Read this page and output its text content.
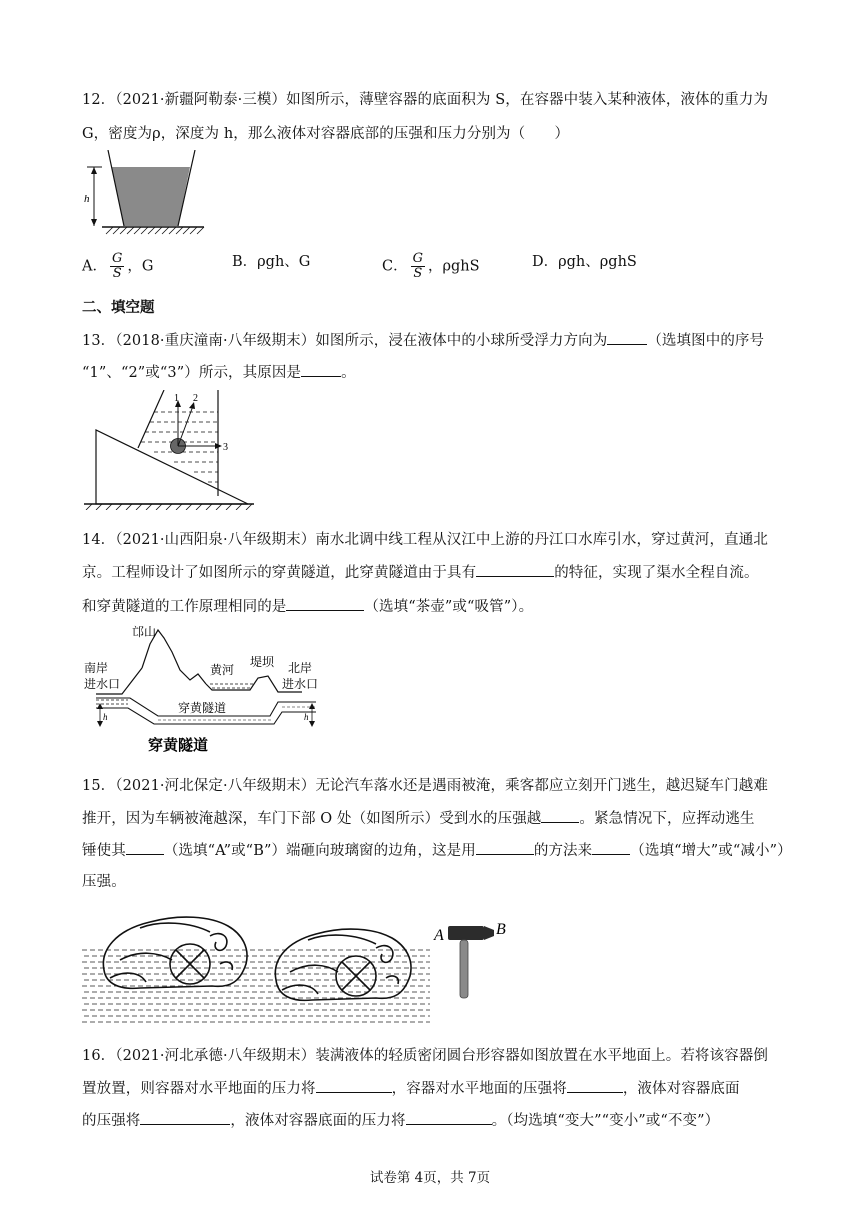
12．（2021·新疆阿勒泰·三模）如图所示，薄壁容器的底面积为 S，在容器中装入某种液体，液体的重力为
G，密度为ρ，深度为 h，那么液体对容器底部的压强和压力分别为（　　）
h
A． $\frac{G}{S}$ ，G	B．ρgh、G	C． $\frac{G}{S}$ ，ρghS	D．ρgh、ρghS
二、填空题
13．（2018·重庆潼南·八年级期末）如图所示，浸在液体中的小球所受浮力方向为	（选填图中的序号
“1”、“2”或“3”）所示，其原因是	。
1 2
3
14．（2021·山西阳泉·八年级期末）南水北调中线工程从汉江中上游的丹江口水库引水，穿过黄河，直通北
京。工程师设计了如图所示的穿黄隧道，此穿黄隧道由于具有	的特征，实现了渠水全程自流。
和穿黄隧道的工作原理相同的是	（选填“茶壶”或“吸管”）。
h	h
邙山
南岸
进水口
黄河
堤坝 北岸
进水口
穿黄隧道
穿黄隧道
15．（2021·河北保定·八年级期末）无论汽车落水还是遇雨被淹，乘客都应立刻开门逃生，越迟疑车门越难
推开，因为车辆被淹越深，车门下部 O 处（如图所示）受到水的压强越	。紧急情况下，应挥动逃生
锤使其	（选填“A”或“B”）端砸向玻璃窗的边角，这是用	的方法来	（选填“增大”或“减小”）
压强。
A	B
16．（2021·河北承德·八年级期末）装满液体的轻质密闭圆台形容器如图放置在水平地面上。若将该容器倒
置放置，则容器对水平地面的压力将	，容器对水平地面的压强将	，液体对容器底面
的压强将	，液体对容器底面的压力将	。（均选填“变大”“变小”或“不变”）
试卷第 4页，共 7页
